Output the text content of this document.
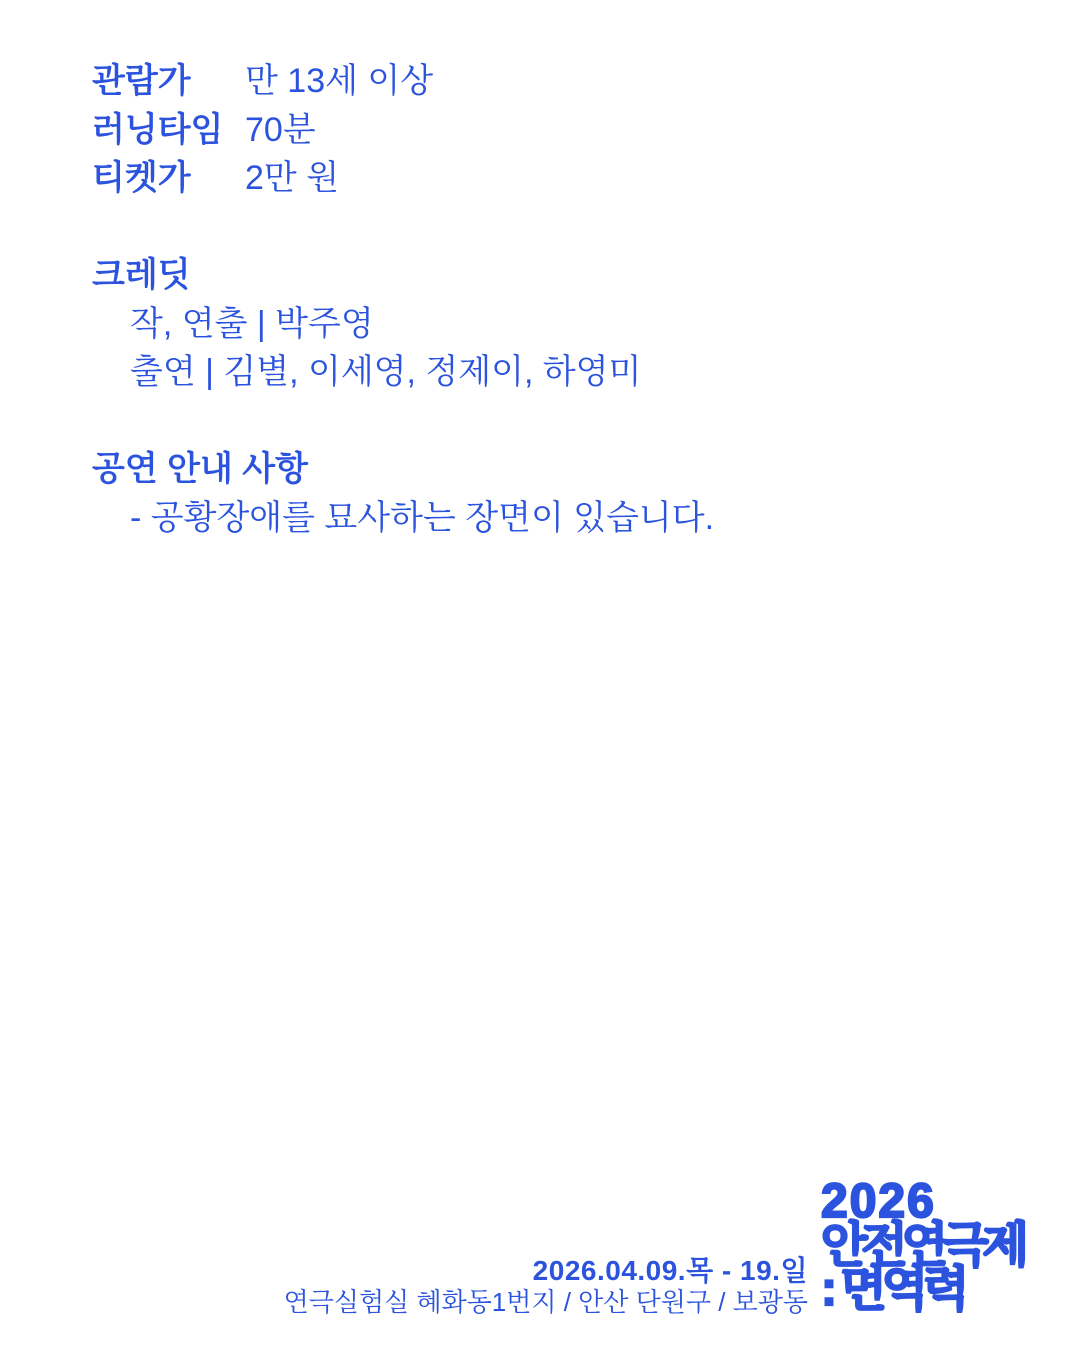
관람가	만 13세 이상
러닝타임 70분
티켓가	2만 원
크레딧
작, 연출 | 박주영
출연 | 김별, 이세영, 정제이, 하영미
공연 안내 사항
- 공황장애를 묘사하는 장면이 있습니다.
2026.04.09.목 - 19.일
연극실험실 혜화동1번지 / 안산 단원구 / 보광동
2026
안전연극제
: 면역력
